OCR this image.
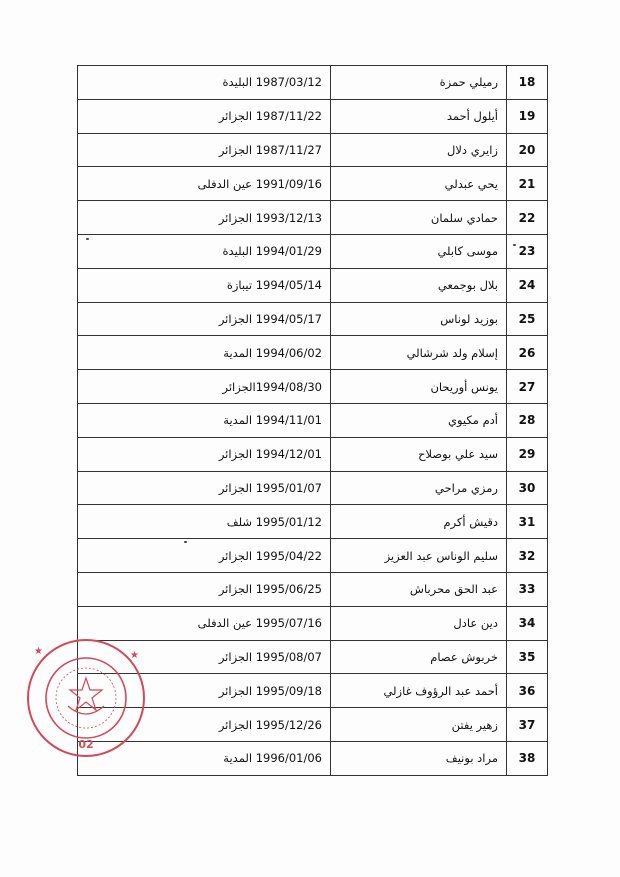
1987/03/12 البليدة	رميلي حمزة	18
1987/11/22 الجزائر	أيلول أحمد	19
1987/11/27 الجزائر	زايري دلال	20
1991/09/16 عين الدفلى	يحي عبدلي	21
1993/12/13 الجزائر	حمادي سلمان	22
1994/01/29 البليدة	موسى كابلي	23
1994/05/14 تيبازة	بلال بوجمعي	24
1994/05/17 الجزائر	بوزيد لوناس	25
1994/06/02 المدية	إسلام ولد شرشالي	26
1994/08/30الجزائر	يونس أوريحان	27
1994/11/01 المدية	أدم مكيوي	28
1994/12/01 الجزائر	سيد علي بوصلاح	29
1995/01/07 الجزائر	رمزي مراحي	30
1995/01/12 شلف	دقيش أكرم	31
1995/04/22 الجزائر	سليم الوناس عبد العزيز	32
1995/06/25 الجزائر	عبد الحق محرباش	33
1995/07/16 عين الدفلى	دين عادل	34
1995/08/07 الجزائر	خربوش عصام	35
1995/09/18 الجزائر	أحمد عبد الرؤوف غازلي	36
1995/12/26 الجزائر	زهير يفتن	37
1996/01/06 المدية	مراد بونيف	38
02
★	★
